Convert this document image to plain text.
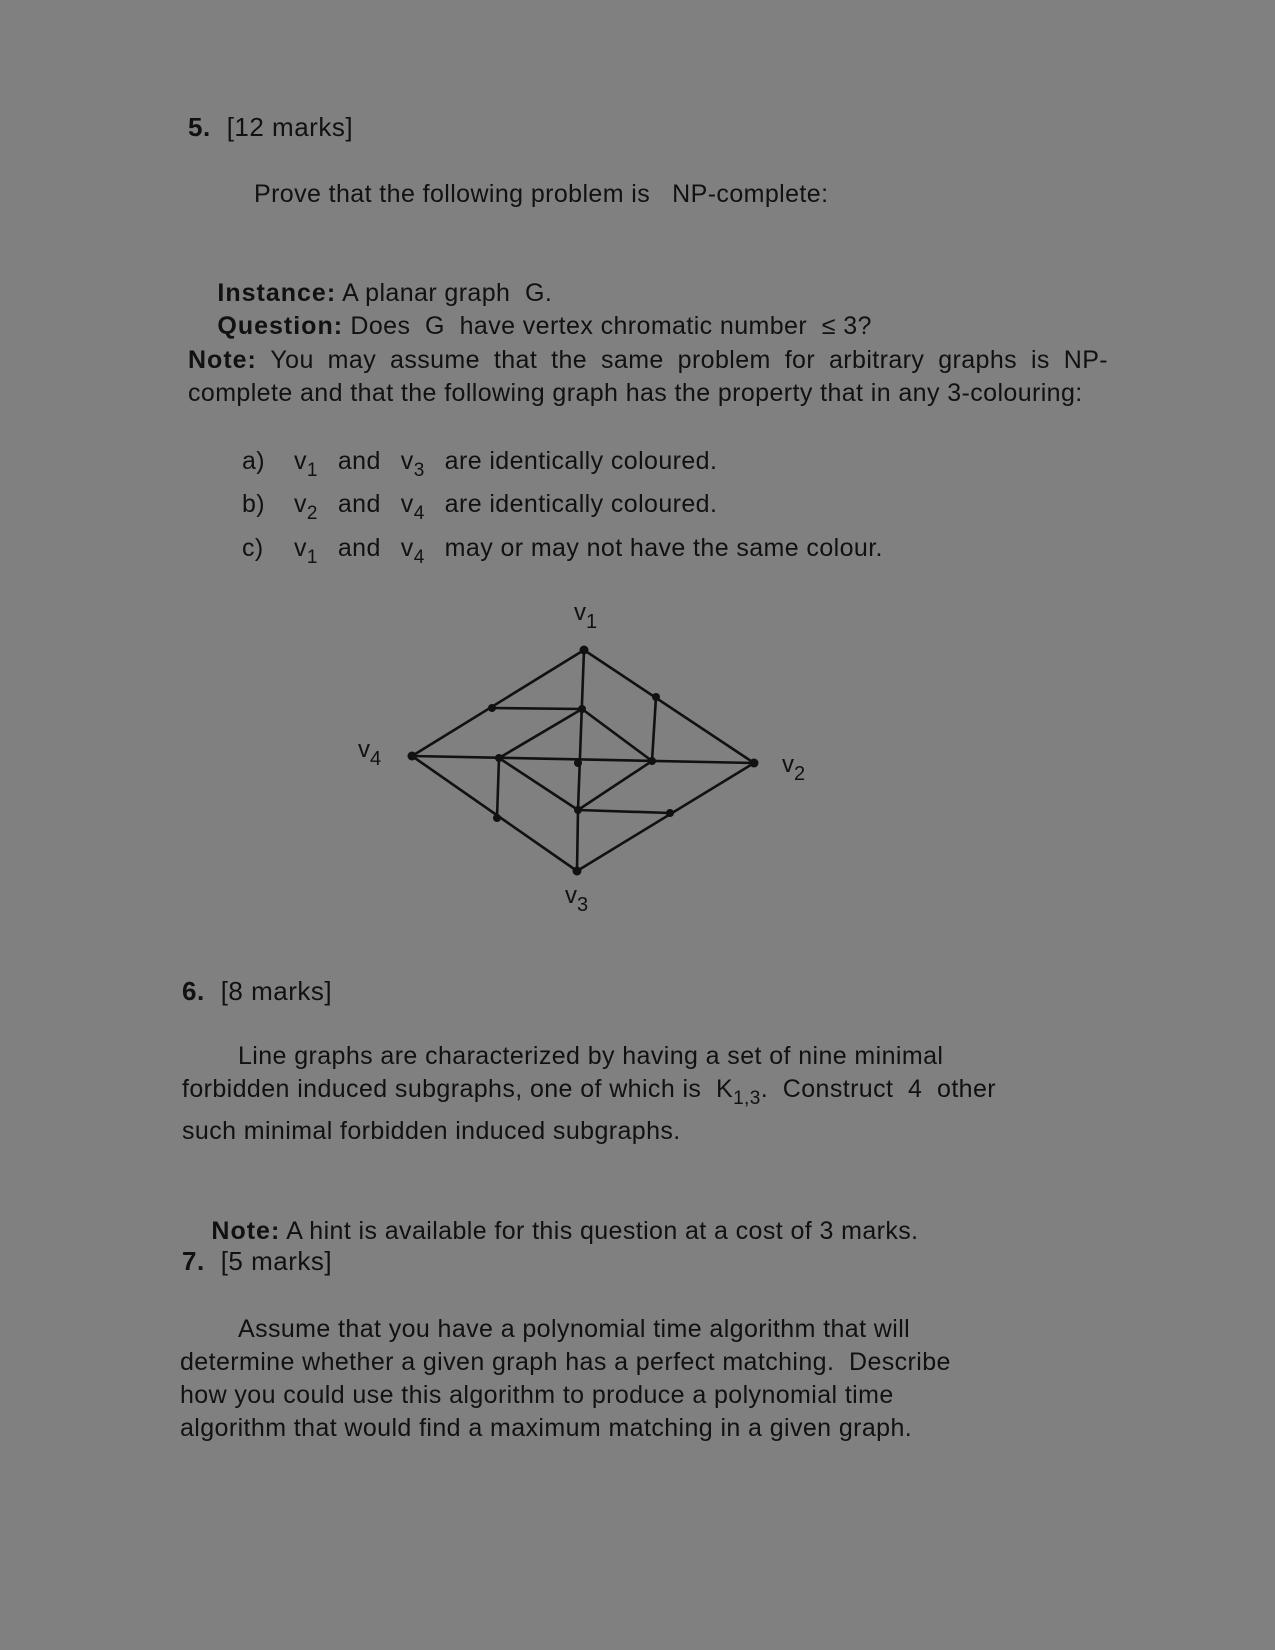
5. [12 marks]
Prove that the following problem is   NP-complete:

Instance: A planar graph  G.

Question: Does  G  have vertex chromatic number  ≤ 3?

Note: You may assume that the same problem for arbitrary graphs is NP-complete and that the following graph has the property that in any 3-colouring:
a) $v_1$ and $v_3$ are identically coloured.
b) $v_2$ and $v_4$ are identically coloured.
c) $v_1$ and $v_4$ may or may not have the same colour.
$v_1$
$v_2$
$v_3$
$v_4$
6. [8 marks]
Line graphs are characterized by having a set of nine minimal
forbidden induced subgraphs, one of which is  $K_{1,3}$.  Construct  4  other
such minimal forbidden induced subgraphs.

Note: A hint is available for this question at a cost of 3 marks.

7. [5 marks]
Assume that you have a polynomial time algorithm that will
determine whether a given graph has a perfect matching.  Describe
how you could use this algorithm to produce a polynomial time
algorithm that would find a maximum matching in a given graph.
